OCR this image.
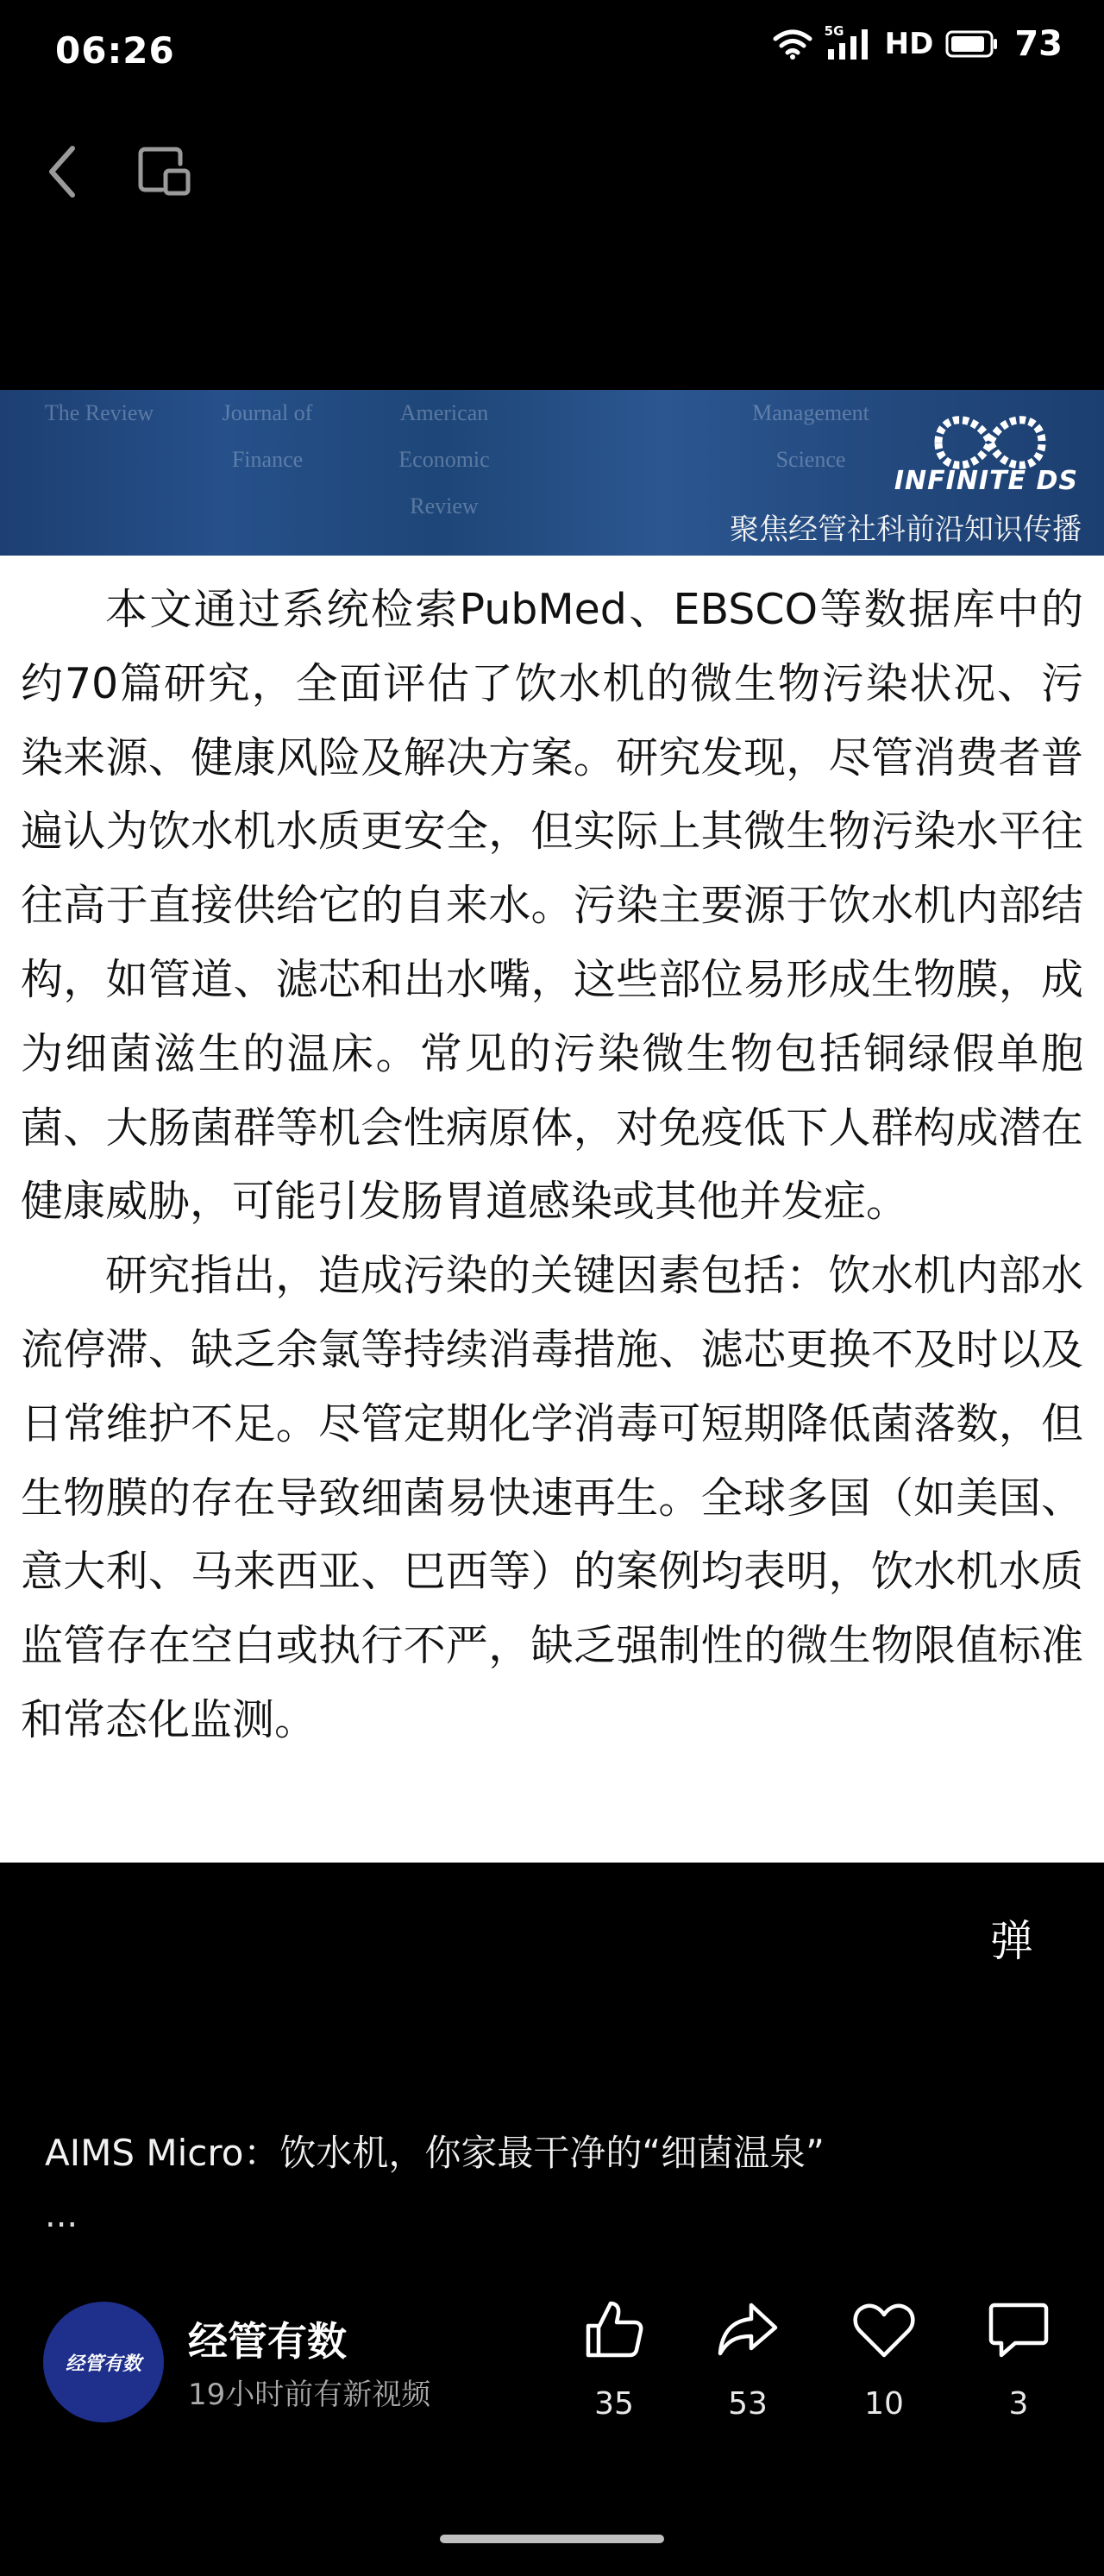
06:26	5G HD 73
The Review	Journal of Finance
American Economic Review
Management Science
INFINITE DS
聚焦经管社科前沿知识传播

本文通过系统检索PubMed、EBSCO等数据库中的约70篇研究，全面评估了饮水机的微生物污染状况、污染来源、健康风险及解决方案。研究发现，尽管消费者普遍认为饮水机水质更安全，但实际上其微生物污染水平往往高于直接供给它的自来水。污染主要源于饮水机内部结构，如管道、滤芯和出水嘴，这些部位易形成生物膜，成为细菌滋生的温床。常见的污染微生物包括铜绿假单胞菌、大肠菌群等机会性病原体，对免疫低下人群构成潜在健康威胁，可能引发肠胃道感染或其他并发症。

研究指出，造成污染的关键因素包括：饮水机内部水流停滞、缺乏余氯等持续消毒措施、滤芯更换不及时以及日常维护不足。尽管定期化学消毒可短期降低菌落数，但生物膜的存在导致细菌易快速再生。全球多国（如美国、意大利、马来西亚、巴西等）的案例均表明，饮水机水质监管存在空白或执行不严，缺乏强制性的微生物限值标准和常态化监测。

弹
AIMS Micro：饮水机，你家最干净的“细菌温泉”
...
经管有数 经管有数
19小时前有新视频	35	53	10	3
